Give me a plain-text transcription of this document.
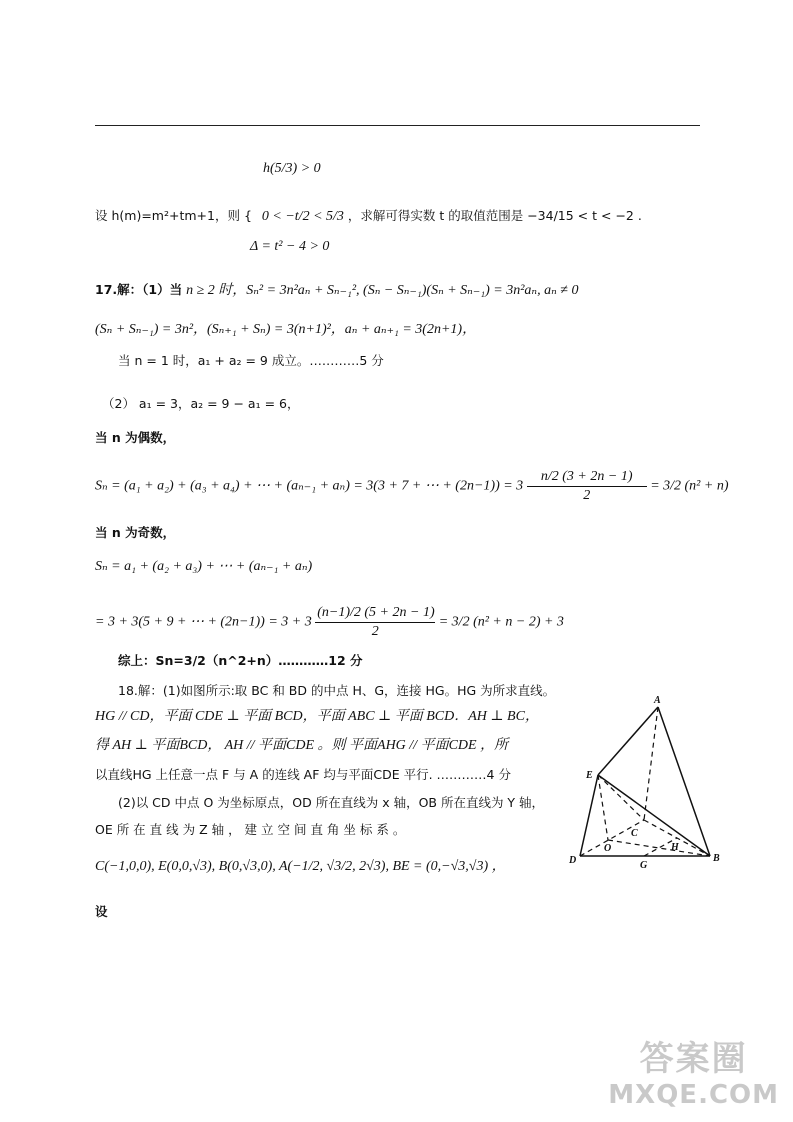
h(5/3) > 0
设 h(m)=m²+tm+1，则 { 0 < −t/2 < 5/3 ，求解可得实数 t 的取值范围是 −34/15 < t < −2 .
Δ = t² − 4 > 0
17.解：（1）当 n ≥ 2 时，Sₙ² = 3n²aₙ + Sₙ₋₁², (Sₙ − Sₙ₋₁)(Sₙ + Sₙ₋₁) = 3n²aₙ, aₙ ≠ 0
(Sₙ + Sₙ₋₁) = 3n²，(Sₙ₊₁ + Sₙ) = 3(n+1)²，aₙ + aₙ₊₁ = 3(2n+1)，
当 n = 1 时，a₁ + a₂ = 9 成立。…………5 分
（2） a₁ = 3，a₂ = 9 − a₁ = 6，
当 n 为偶数，
Sₙ = (a₁ + a₂) + (a₃ + a₄) + ⋯ + (aₙ₋₁ + aₙ) = 3(3 + 7 + ⋯ + $(2n-1)) = 3 \frac{n/2 (3 + 2n - 1)}{2} = 3/2$ (n² + n)
当 n 为奇数，
Sₙ = a₁ + (a₂ + a₃) + ⋯ + (aₙ₋₁ + aₙ)
= 3 + 3(5 + 9 + ⋯ + $(2n-1)) = 3 + 3 \frac{(n-1)/2 (5 + 2n - 1)}{2} = 3/2$ (n² + n − 2) + 3
综上：Sn=3/2（n^2+n）…………12 分
18.解：(1)如图所示:取 BC 和 BD 的中点 H、G，连接 HG。HG 为所求直线。
HG // CD，平面 CDE ⊥ 平面 BCD，平面 ABC ⊥ 平面 BCD．AH ⊥ BC，
得 AH ⊥ 平面BCD， AH // 平面CDE 。则 平面AHG // 平面CDE ，所
以直线HG 上任意一点 F 与 A 的连线 AF 均与平面CDE 平行. …………4 分
(2)以 CD 中点 O 为坐标原点，OD 所在直线为 x 轴，OB 所在直线为 Y 轴，
OE 所 在 直 线 为 Z 轴 ， 建 立 空 间 直 角 坐 标 系 。
C(−1,0,0), E(0,0,√3), B(0,√3,0), A(−1/2, √3/2, 2√3), BE = (0,−√3,√3) ，
设
A
E
C
O	H
D	G
B
答案圈
MXQE.COM
